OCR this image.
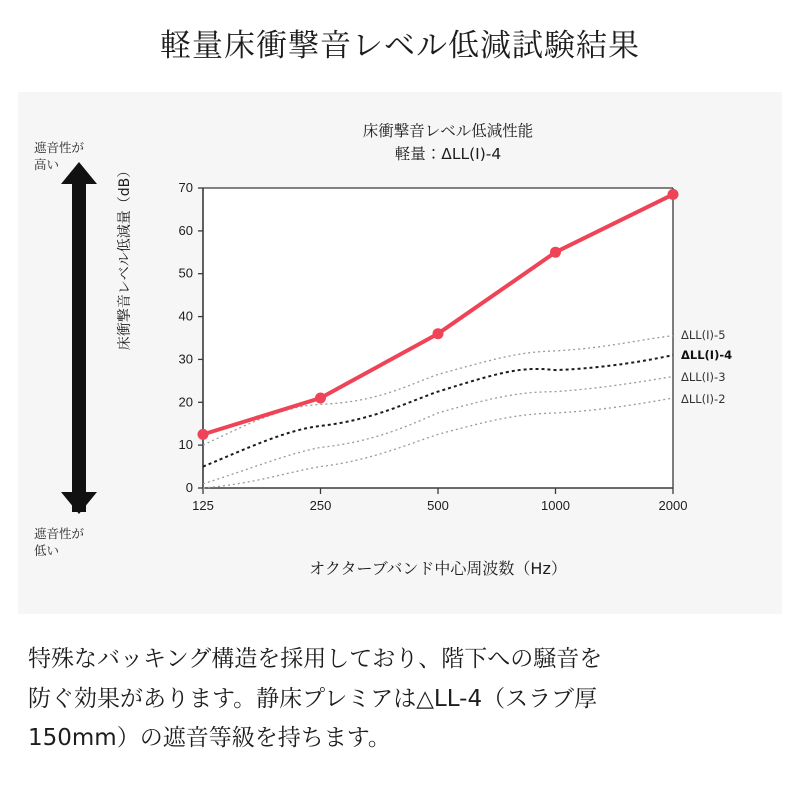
軽量床衝撃音レベル低減試験結果
遮音性が
高い
遮音性が
低い
床衝撃音レベル低減性能
軽量：ΔLL(Ⅰ)-4
床衝撃音レベル低減量（dB）
0
10
20
30
40
50
60
70
125	250	500	1000	2000
ΔLL(I)-5
ΔLL(I)-4
ΔLL(I)-3
ΔLL(I)-2
オクターブバンド中心周波数（Hz）
特殊なバッキング構造を採用しており、階下への騒音を
防ぐ効果があります。静床プレミアは△LL-4（スラブ厚
150mm）の遮音等級を持ちます。
